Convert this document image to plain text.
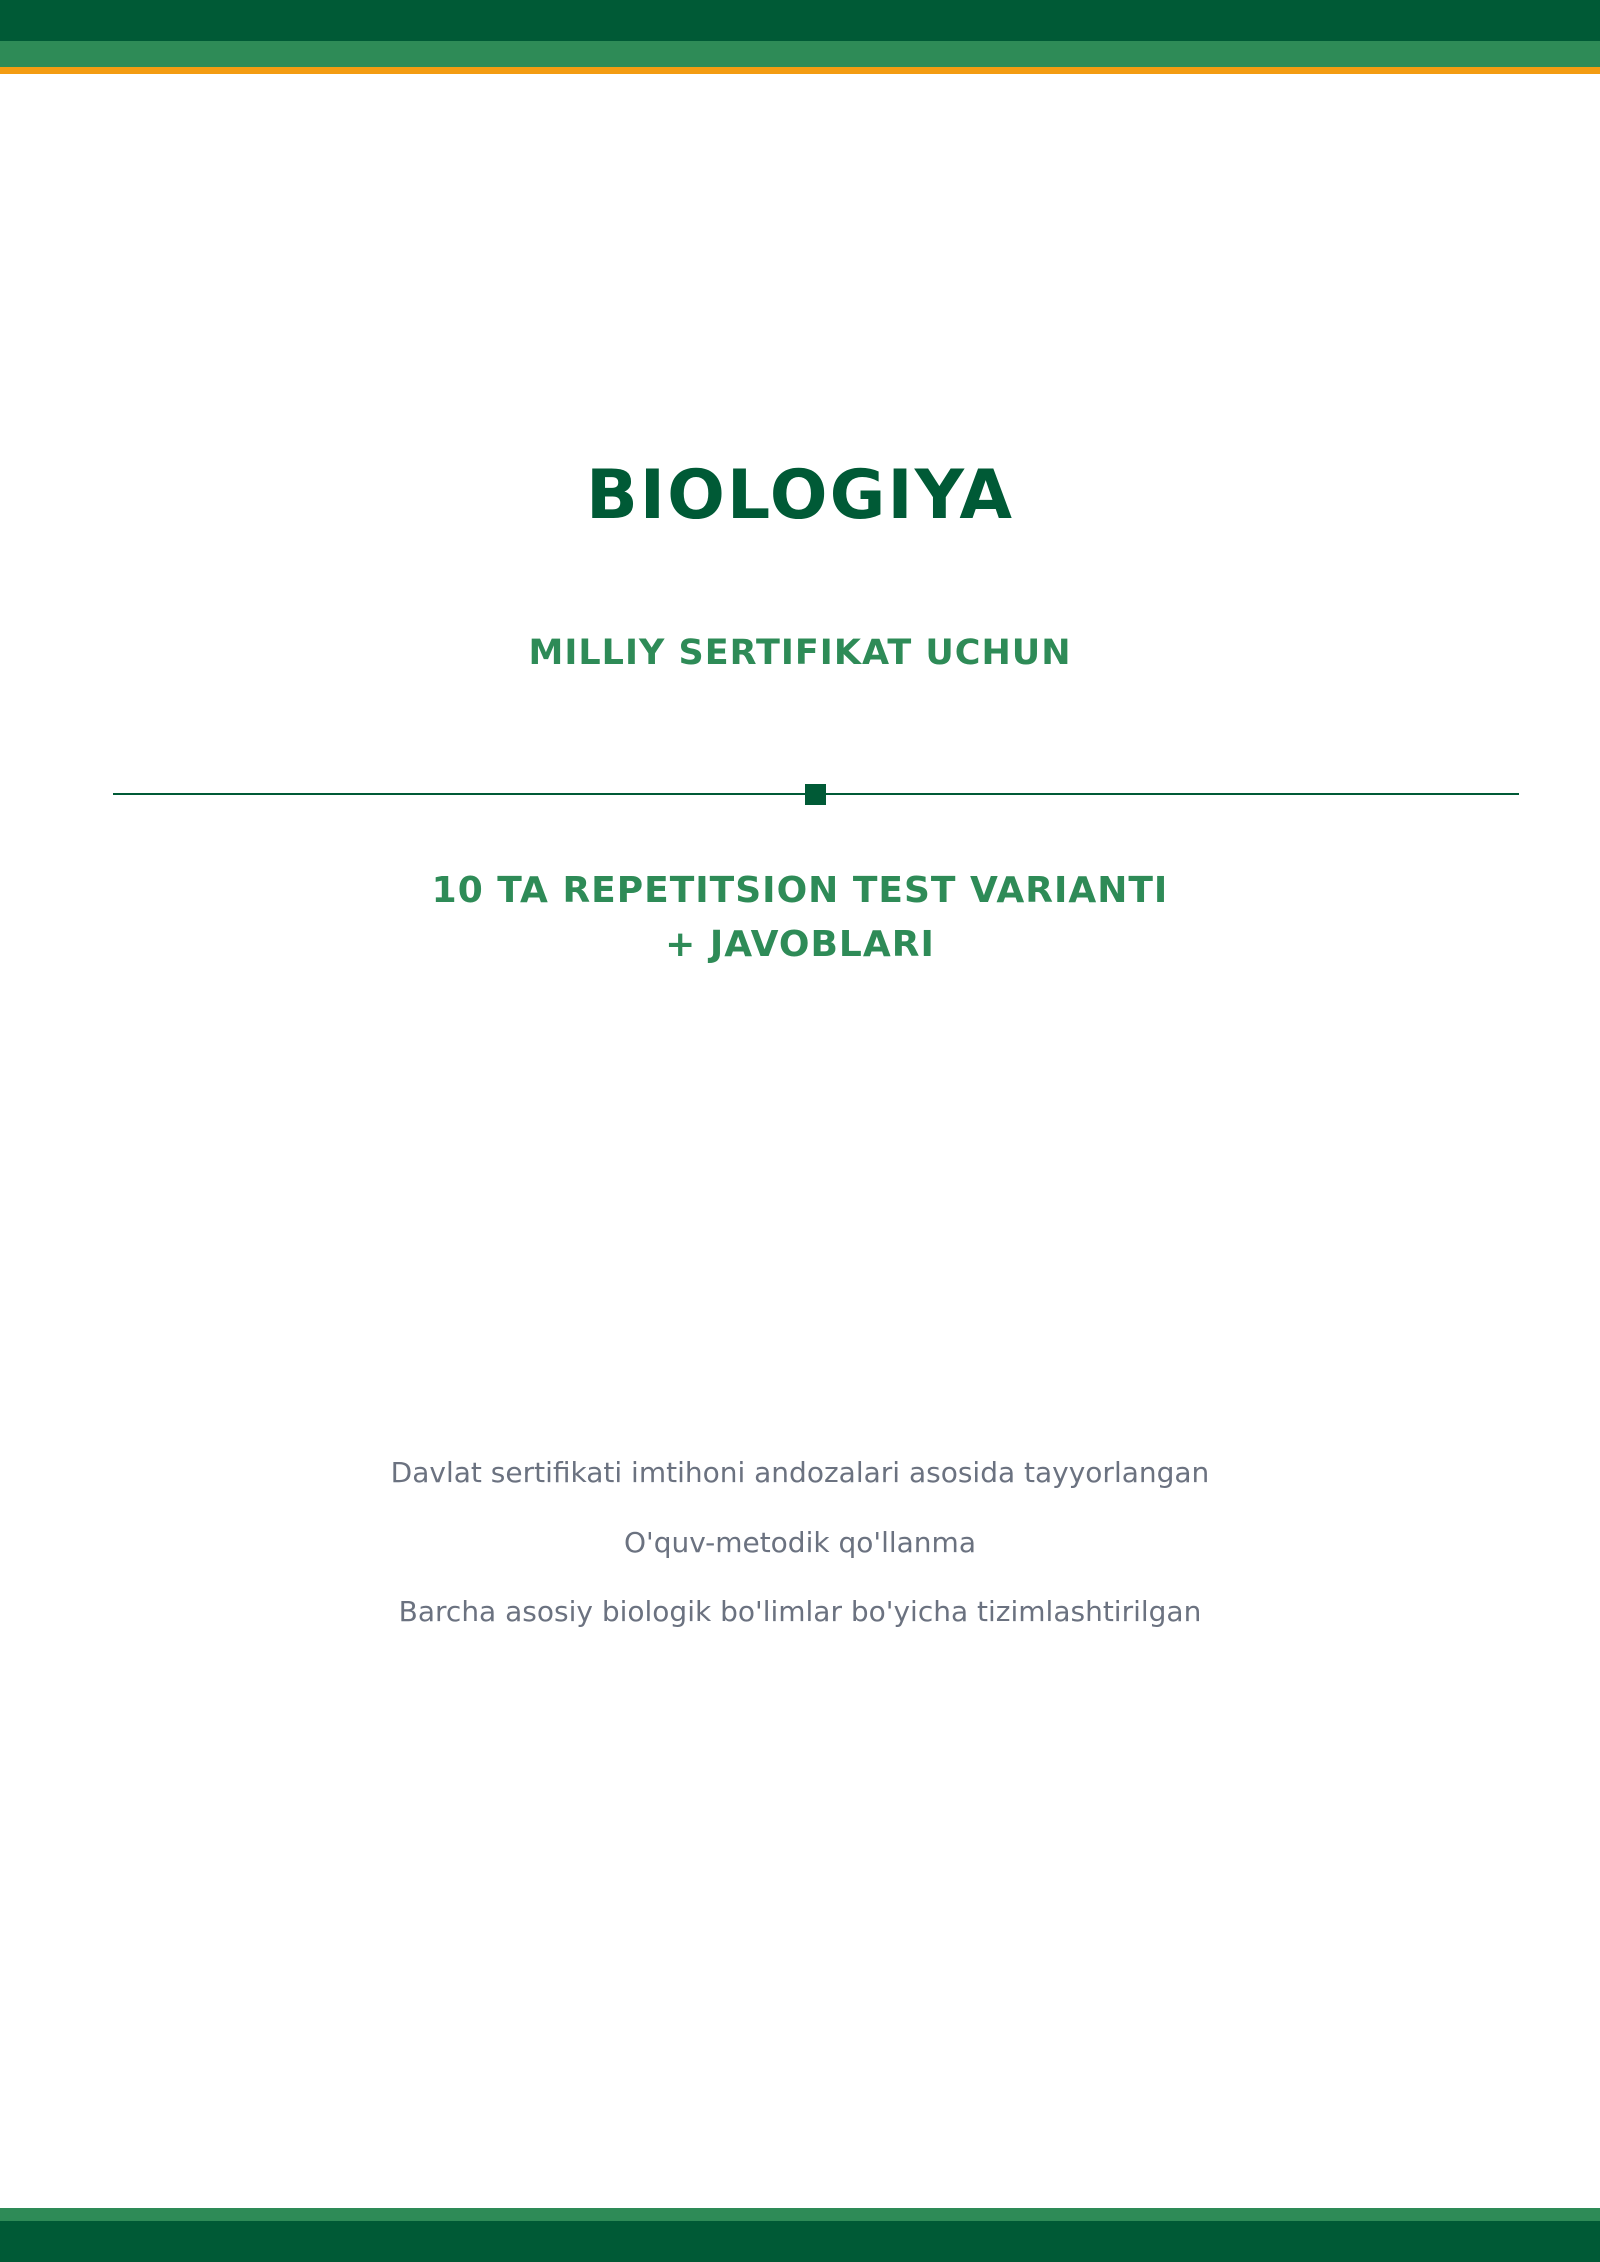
BIOLOGIYA
MILLIY SERTIFIKAT UCHUN
10 TA REPETITSION TEST VARIANTI
+ JAVOBLARI
Davlat sertifikati imtihoni andozalari asosida tayyorlangan
O'quv-metodik qo'llanma
Barcha asosiy biologik bo'limlar bo'yicha tizimlashtirilgan
